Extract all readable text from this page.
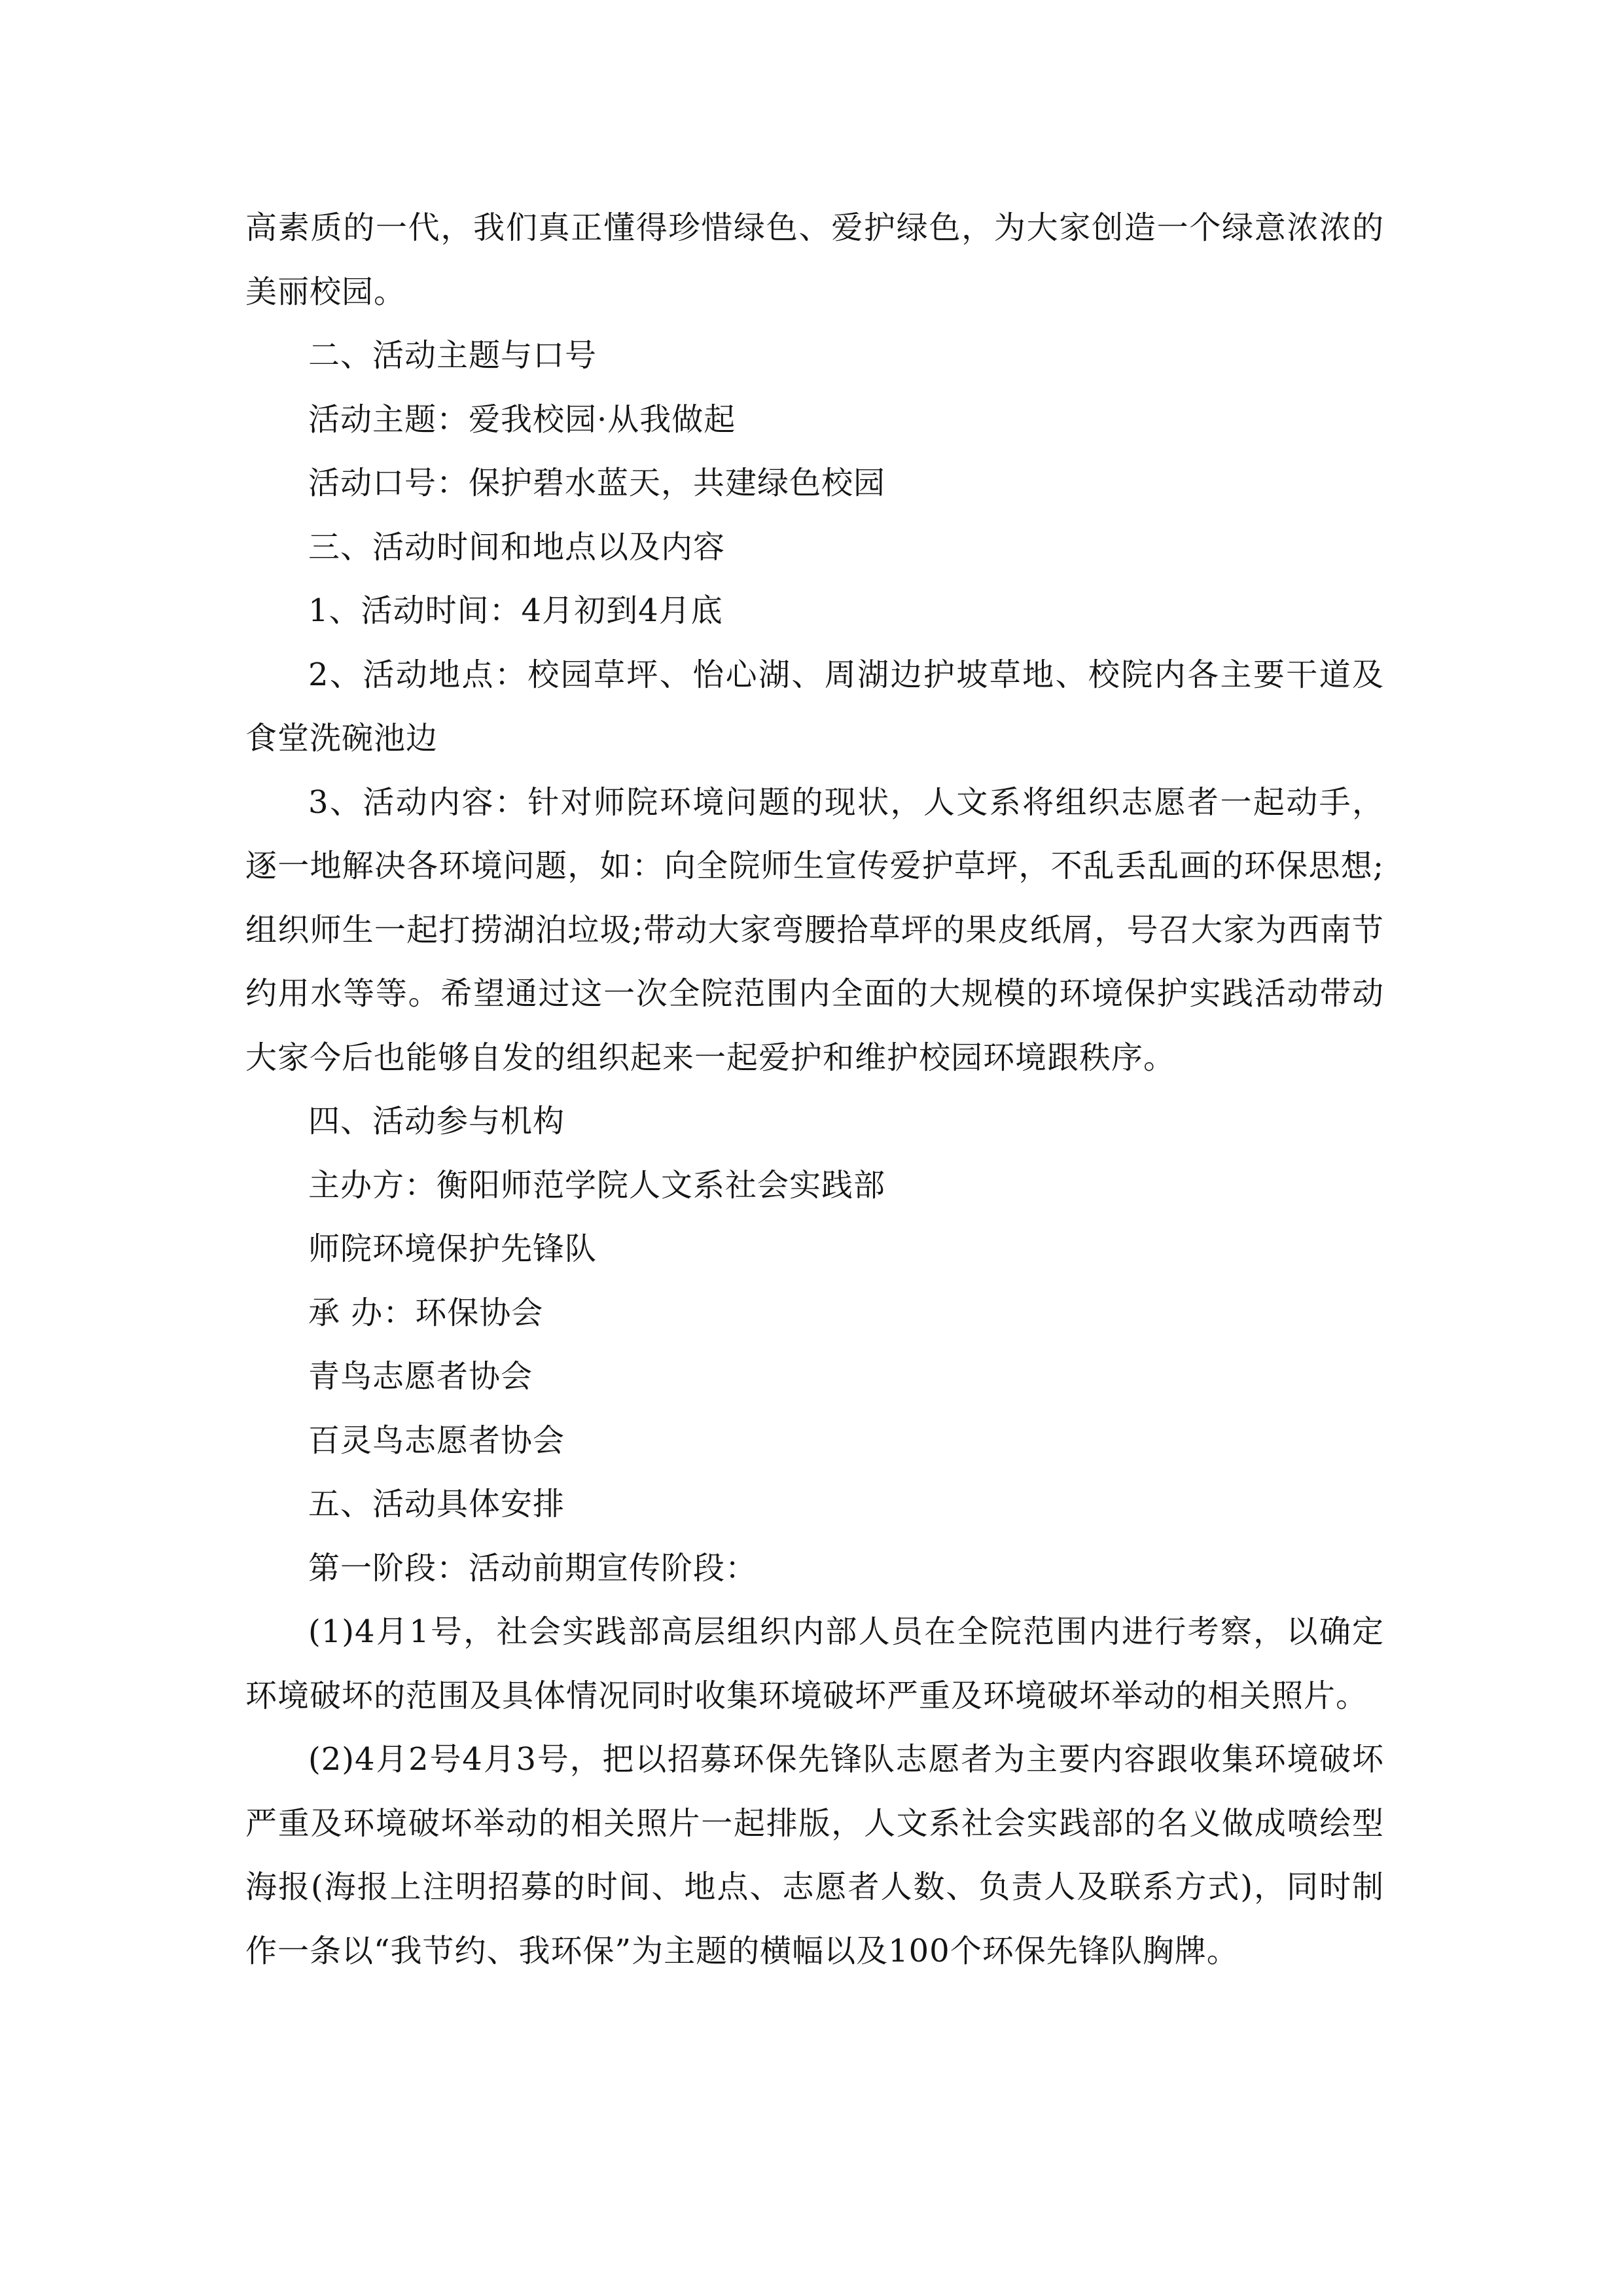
高素质的一代，我们真正懂得珍惜绿色、爱护绿色，为大家创造一个绿意浓浓的美丽校园。

二、活动主题与口号

活动主题：爱我校园·从我做起

活动口号：保护碧水蓝天，共建绿色校园

三、活动时间和地点以及内容

1、活动时间：4月初到4月底

2、活动地点：校园草坪、怡心湖、周湖边护坡草地、校院内各主要干道及食堂洗碗池边

3、活动内容：针对师院环境问题的现状，人文系将组织志愿者一起动手，逐一地解决各环境问题，如：向全院师生宣传爱护草坪，不乱丢乱画的环保思想;组织师生一起打捞湖泊垃圾;带动大家弯腰拾草坪的果皮纸屑，号召大家为西南节约用水等等。希望通过这一次全院范围内全面的大规模的环境保护实践活动带动大家今后也能够自发的组织起来一起爱护和维护校园环境跟秩序。

四、活动参与机构

主办方：衡阳师范学院人文系社会实践部

师院环境保护先锋队

承 办：环保协会

青鸟志愿者协会

百灵鸟志愿者协会

五、活动具体安排

第一阶段：活动前期宣传阶段：

(1)4月1号，社会实践部高层组织内部人员在全院范围内进行考察，以确定环境破坏的范围及具体情况同时收集环境破坏严重及环境破坏举动的相关照片。

(2)4月2号4月3号，把以招募环保先锋队志愿者为主要内容跟收集环境破坏严重及环境破坏举动的相关照片一起排版，人文系社会实践部的名义做成喷绘型海报(海报上注明招募的时间、地点、志愿者人数、负责人及联系方式)，同时制作一条以“我节约、我环保”为主题的横幅以及100个环保先锋队胸牌。
